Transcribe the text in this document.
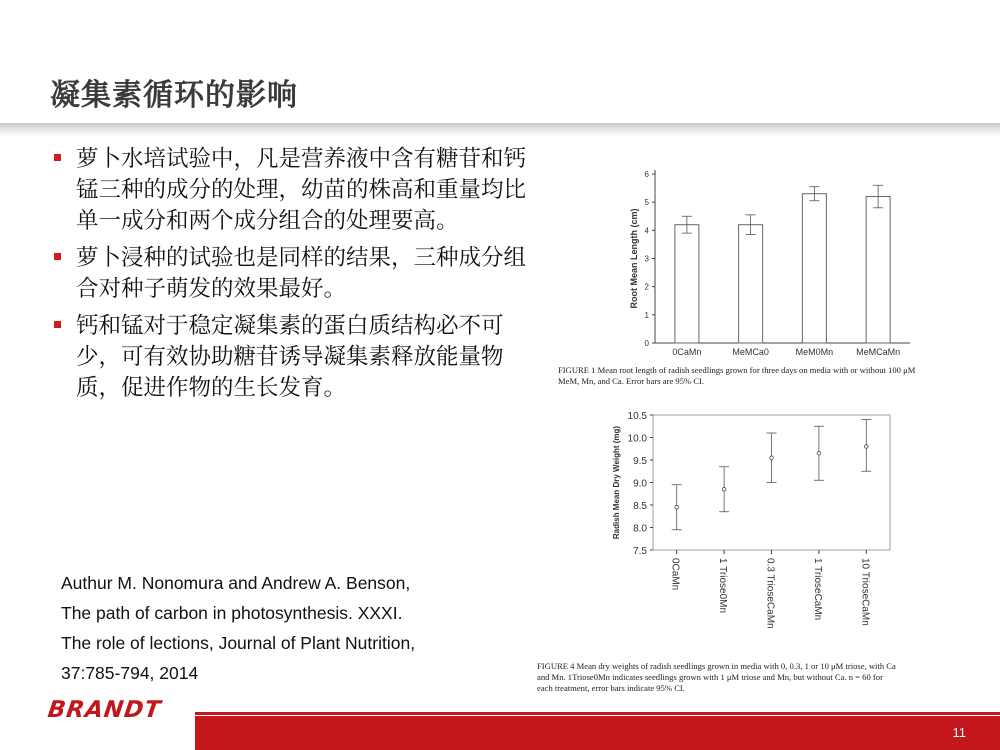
凝集素循环的影响
萝卜水培试验中，凡是营养液中含有糖苷和钙锰三种的成分的处理，幼苗的株高和重量均比单一成分和两个成分组合的处理要高。
萝卜浸种的试验也是同样的结果，三种成分组合对种子萌发的效果最好。
钙和锰对于稳定凝集素的蛋白质结构必不可少，可有效协助糖苷诱导凝集素释放能量物质，促进作物的生长发育。
Authur M. Nonomura and Andrew A. Benson,
The path of carbon in photosynthesis. XXXI.
The role of lections, Journal of Plant Nutrition,
37:785-794, 2014
0
1
2
3
4
5
6
0CaMn	MeMCa0	MeM0Mn	MeMCaMn
Root Mean Length (cm)
FIGURE 1 Mean root length of radish seedlings grown for three days on media with or without 100 μM
MeM, Mn, and Ca. Error bars are 95% CI.
7.5
8.0
8.5
9.0
9.5
10.0
10.5
0CaMn	1 Triose0Mn	0.3 TrioseCaMn	1 TrioseCaMn	10 TrioseCaMn
Radish Mean Dry Weight (mg)
FIGURE 4 Mean dry weights of radish seedlings grown in media with 0, 0.3, 1 or 10 μM triose, with Ca
and Mn. 1Triose0Mn indicates seedlings grown with 1 μM triose and Mn, but without Ca. n = 60 for
each treatment, error bars indicate 95% CI.
BRANDT
11
